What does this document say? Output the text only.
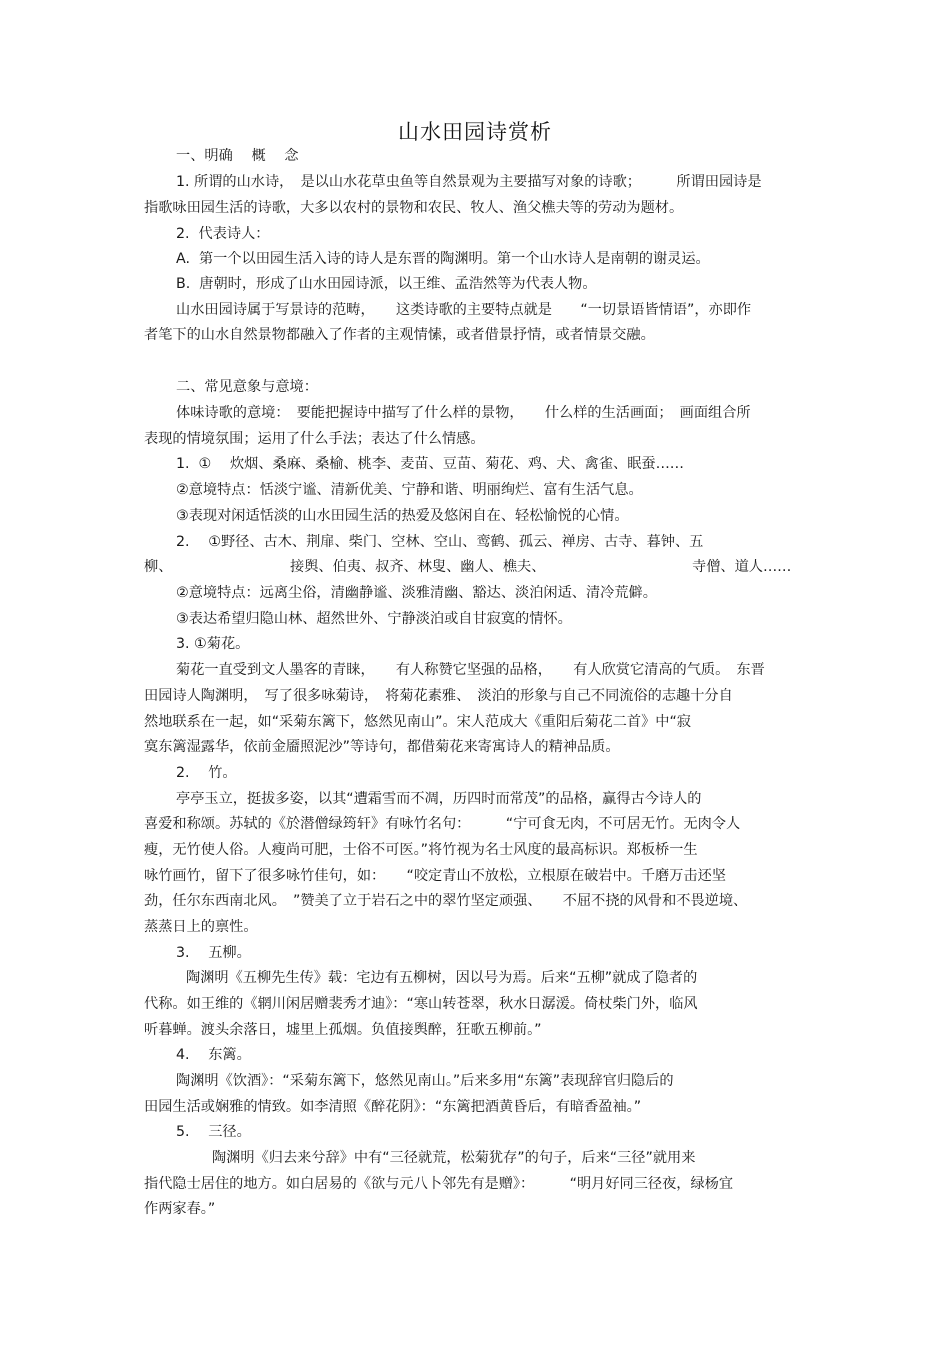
山水田园诗赏析
一、明确　 概　 念
1. 所谓的山水诗，　是以山水花草虫鱼等自然景观为主要描写对象的诗歌；　　　所谓田园诗是
指歌咏田园生活的诗歌，大多以农村的景物和农民、牧人、渔父樵夫等的劳动为题材。
2.  代表诗人：
A.  第一个以田园生活入诗的诗人是东晋的陶渊明。第一个山水诗人是南朝的谢灵运。
B.  唐朝时，形成了山水田园诗派，以王维、孟浩然等为代表人物。
山水田园诗属于写景诗的范畴，　　这类诗歌的主要特点就是　　“一切景语皆情语”，亦即作
者笔下的山水自然景物都融入了作者的主观情愫，或者借景抒情，或者情景交融。
二、常见意象与意境：
体味诗歌的意境：　要能把握诗中描写了什么样的景物，　　什么样的生活画面；　画面组合所
表现的情境氛围；运用了什么手法；表达了什么情感。
1.  ①　 炊烟、桑麻、桑榆、桃李、麦苗、豆苗、菊花、鸡、犬、禽雀、眠蚕……
②意境特点：恬淡宁谧、清新优美、宁静和谐、明丽绚烂、富有生活气息。
③表现对闲适恬淡的山水田园生活的热爱及悠闲自在、轻松愉悦的心情。
2.　 ①野径、古木、荆扉、柴门、空林、空山、鸾鹤、孤云、禅房、古寺、暮钟、五
柳、	接舆、伯夷、叔齐、林叟、幽人、樵夫、	寺僧、道人……
②意境特点：远离尘俗，清幽静谧、淡雅清幽、豁达、淡泊闲适、清冷荒僻。
③表达希望归隐山林、超然世外、宁静淡泊或自甘寂寞的情怀。
3. ①菊花。
菊花一直受到文人墨客的青睐，　　有人称赞它坚强的品格，　　有人欣赏它清高的气质。　东晋
田园诗人陶渊明，　写了很多咏菊诗，　将菊花素雅、　淡泊的形象与自己不同流俗的志趣十分自
然地联系在一起，如“采菊东篱下，悠然见南山”。宋人范成大《重阳后菊花二首》中“寂
寞东篱湿露华，依前金靥照泥沙”等诗句，都借菊花来寄寓诗人的精神品质。
2.　 竹。
亭亭玉立，挺拔多姿，以其“遭霜雪而不凋，历四时而常茂”的品格，赢得古今诗人的
喜爱和称颂。苏轼的《於潜僧绿筠轩》有咏竹名句：　　　“宁可食无肉，不可居无竹。无肉令人
瘦，无竹使人俗。人瘦尚可肥，士俗不可医。”将竹视为名士风度的最高标识。郑板桥一生
咏竹画竹，留下了很多咏竹佳句，如：　　“咬定青山不放松，立根原在破岩中。千磨万击还坚
劲，任尔东西南北风。　”赞美了立于岩石之中的翠竹坚定顽强、　　不屈不挠的风骨和不畏逆境、
蒸蒸日上的禀性。
3.　 五柳。
陶渊明《五柳先生传》载：宅边有五柳树，因以号为焉。后来“五柳”就成了隐者的
代称。如王维的《辋川闲居赠裴秀才迪》：“寒山转苍翠，秋水日潺湲。倚杖柴门外，临风
听暮蝉。渡头余落日，墟里上孤烟。负值接舆醉，狂歌五柳前。”
4.　 东篱。
陶渊明《饮酒》：“采菊东篱下，悠然见南山。”后来多用“东篱”表现辞官归隐后的
田园生活或娴雅的情致。如李清照《醉花阴》：“东篱把酒黄昏后，有暗香盈袖。”
5.　 三径。
陶渊明《归去来兮辞》中有“三径就荒，松菊犹存”的句子，后来“三径”就用来
指代隐士居住的地方。如白居易的《欲与元八卜邻先有是赠》：　　　“明月好同三径夜，绿杨宜
作两家春。”
